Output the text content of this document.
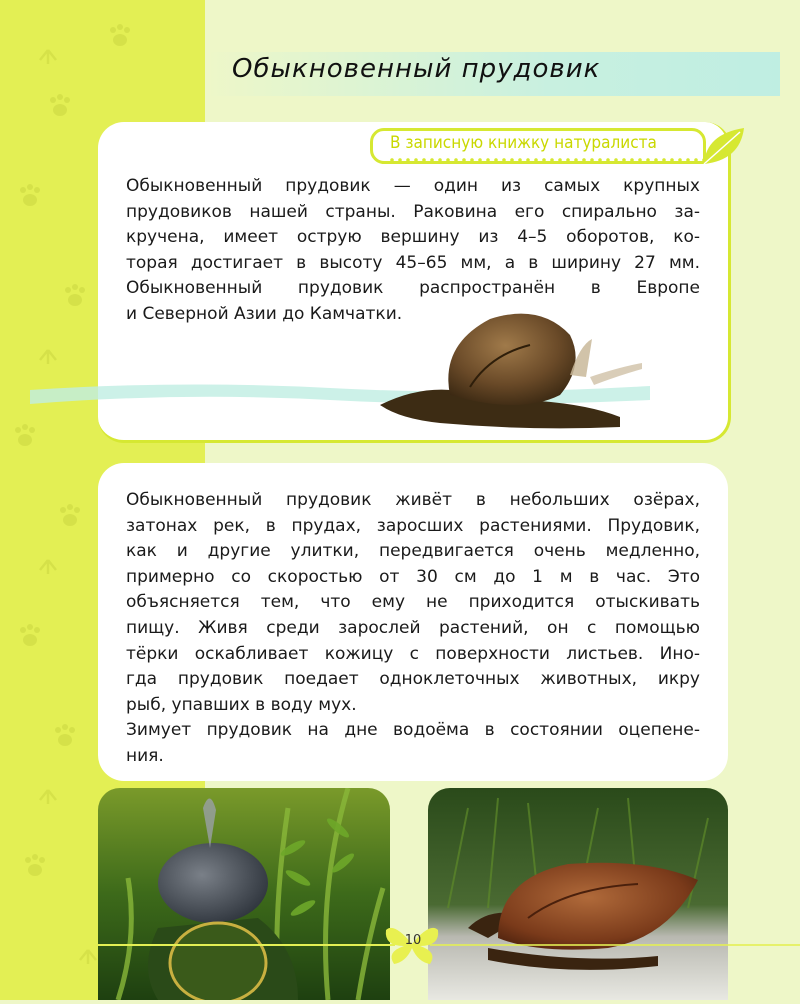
Обыкновенный прудовик
В записную книжку натуралиста
Обыкновенный прудовик — один из самых крупных
прудовиков нашей страны. Раковина его спирально за-
кручена, имеет острую вершину из 4–5 оборотов, ко-
торая достигает в высоту 45–65 мм, а в ширину 27 мм.
Обыкновенный прудовик распространён в Европе
и Северной Азии до Камчатки.
Обыкновенный прудовик живёт в небольших озёрах,
затонах рек, в прудах, заросших растениями. Прудовик,
как и другие улитки, передвигается очень медленно,
примерно со скоростью от 30 см до 1 м в час. Это
объясняется тем, что ему не приходится отыскивать
пищу. Живя среди зарослей растений, он с помощью
тёрки оскабливает кожицу с поверхности листьев. Ино-
гда прудовик поедает одноклеточных животных, икру
рыб, упавших в воду мух.
Зимует прудовик на дне водоёма в состоянии оцепене-
ния.
10
